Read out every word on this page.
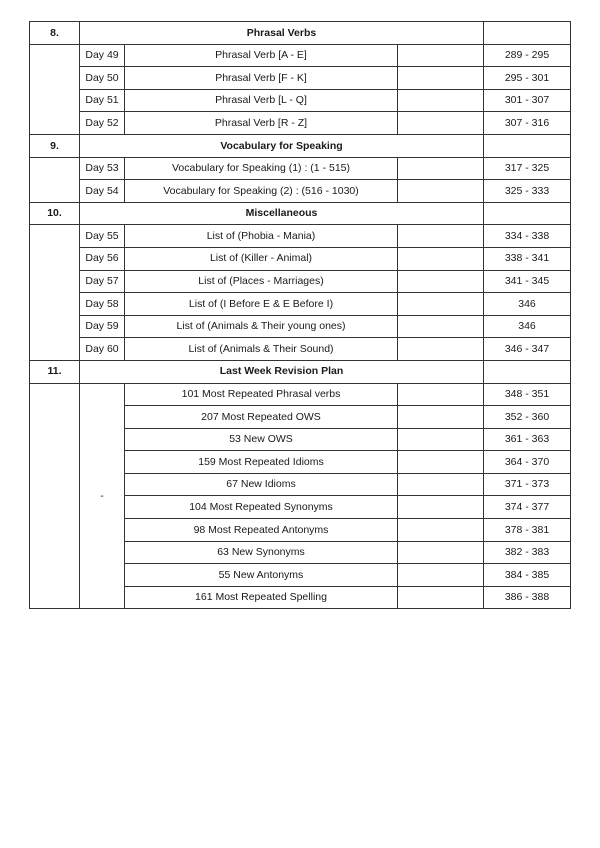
8.	Phrasal Verbs			
	Day 49	Phrasal Verb [A - E]		289 - 295
	Day 50	Phrasal Verb [F - K]		295 - 301
	Day 51	Phrasal Verb [L - Q]		301 - 307
	Day 52	Phrasal Verb [R - Z]		307 - 316
9.	Vocabulary for Speaking			
	Day 53	Vocabulary for Speaking (1) : (1 - 515)		317 - 325
	Day 54	Vocabulary for Speaking (2) : (516 - 1030)		325 - 333
10.	Miscellaneous			
	Day 55	List of (Phobia - Mania)		334 - 338
	Day 56	List of (Killer - Animal)		338 - 341
	Day 57	List of (Places - Marriages)		341 - 345
	Day 58	List of (I Before E & E Before I)		346
	Day 59	List of (Animals & Their young ones)		346
	Day 60	List of (Animals & Their Sound)		346 - 347
11.	Last Week Revision Plan			
	-	101 Most Repeated Phrasal verbs		348 - 351
		207 Most Repeated OWS		352 - 360
		53 New OWS		361 - 363
		159 Most Repeated Idioms		364 - 370
		67 New Idioms		371 - 373
		104 Most Repeated Synonyms		374 - 377
		98 Most Repeated Antonyms		378 - 381
		63 New Synonyms		382 - 383
		55 New Antonyms		384 - 385
		161 Most Repeated Spelling		386 - 388
